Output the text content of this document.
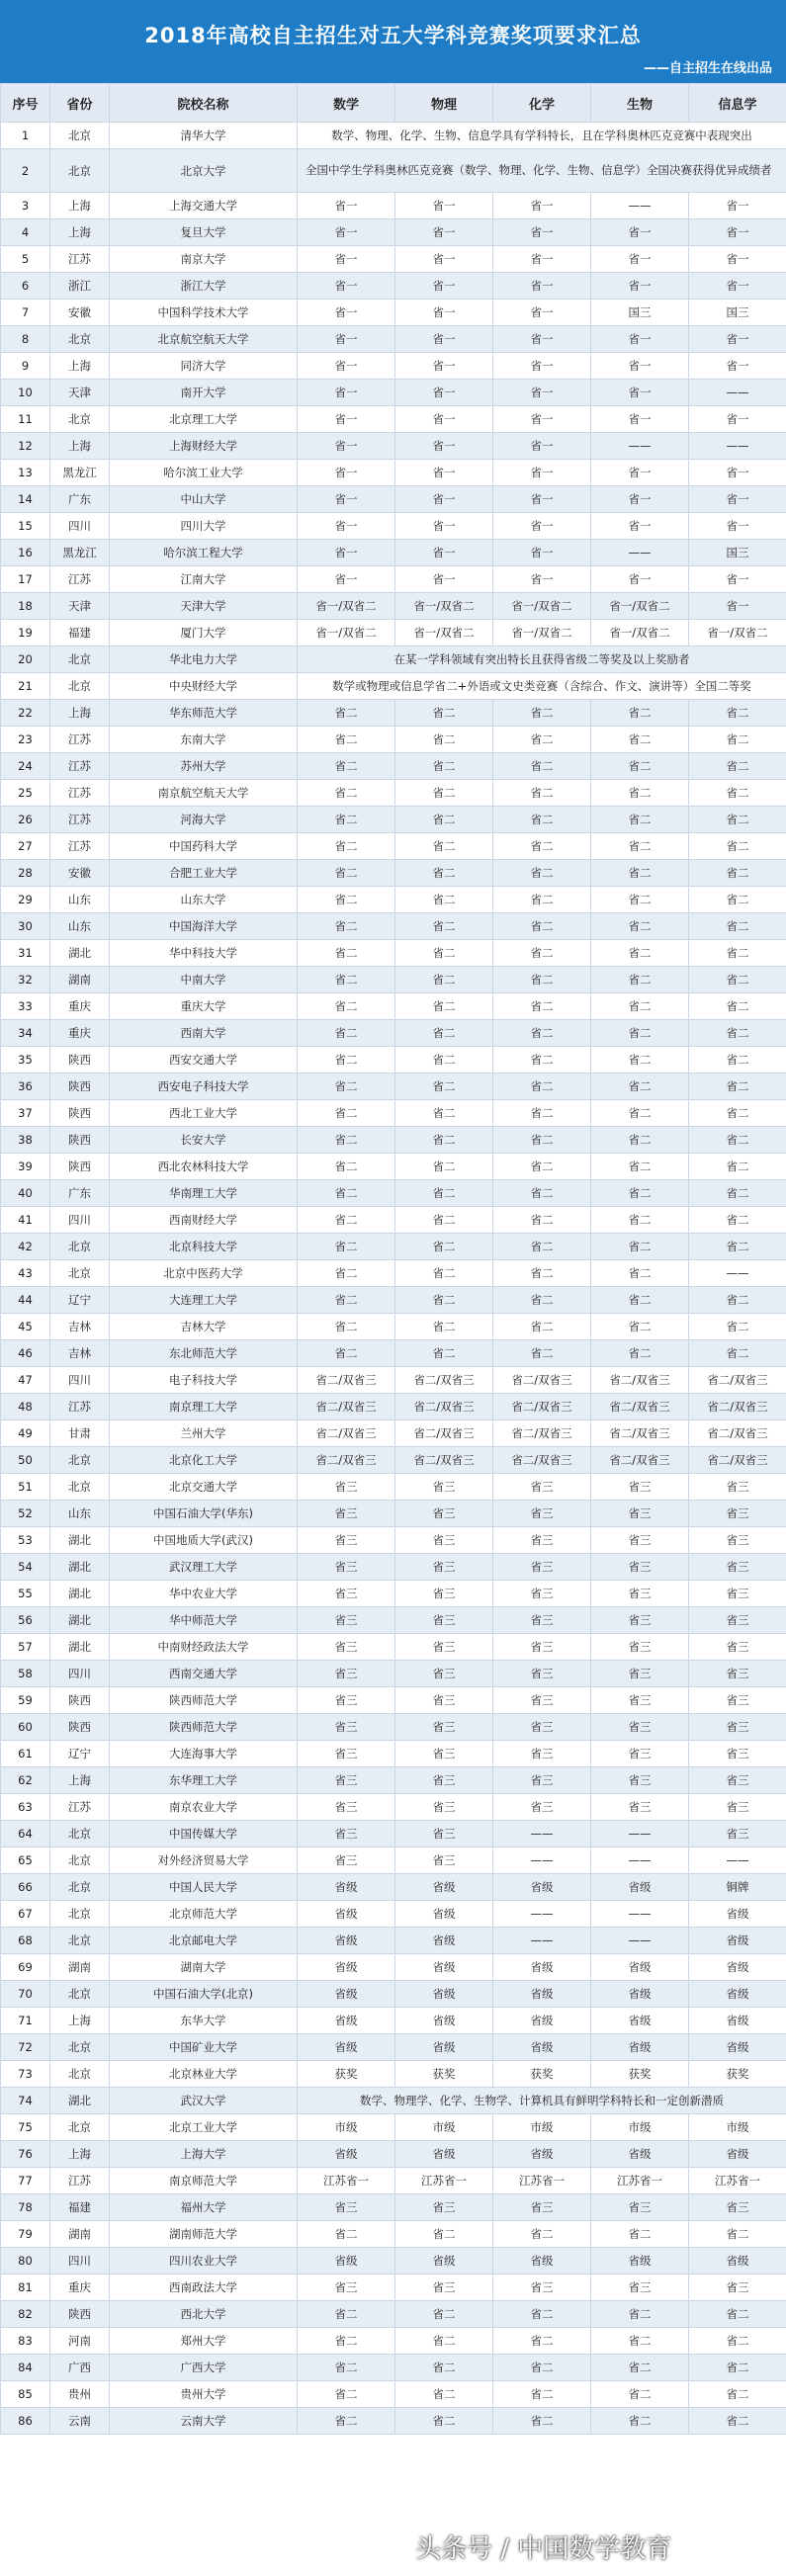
2018年高校自主招生对五大学科竞赛奖项要求汇总
——自主招生在线出品
序号	省份	院校名称	数学	物理	化学	生物	信息学
1	北京	清华大学	数学、物理、化学、生物、信息学具有学科特长，且在学科奥林匹克竞赛中表现突出				
2	北京	北京大学	全国中学生学科奥林匹克竞赛（数学、物理、化学、生物、信息学）全国决赛获得优异成绩者				
3	上海	上海交通大学	省一	省一	省一	——	省一
4	上海	复旦大学	省一	省一	省一	省一	省一
5	江苏	南京大学	省一	省一	省一	省一	省一
6	浙江	浙江大学	省一	省一	省一	省一	省一
7	安徽	中国科学技术大学	省一	省一	省一	国三	国三
8	北京	北京航空航天大学	省一	省一	省一	省一	省一
9	上海	同济大学	省一	省一	省一	省一	省一
10	天津	南开大学	省一	省一	省一	省一	——
11	北京	北京理工大学	省一	省一	省一	省一	省一
12	上海	上海财经大学	省一	省一	省一	——	——
13	黑龙江	哈尔滨工业大学	省一	省一	省一	省一	省一
14	广东	中山大学	省一	省一	省一	省一	省一
15	四川	四川大学	省一	省一	省一	省一	省一
16	黑龙江	哈尔滨工程大学	省一	省一	省一	——	国三
17	江苏	江南大学	省一	省一	省一	省一	省一
18	天津	天津大学	省一/双省二	省一/双省二	省一/双省二	省一/双省二	省一
19	福建	厦门大学	省一/双省二	省一/双省二	省一/双省二	省一/双省二	省一/双省二
20	北京	华北电力大学	在某一学科领域有突出特长且获得省级二等奖及以上奖励者				
21	北京	中央财经大学	数学或物理或信息学省二+外语或文史类竞赛（含综合、作文、演讲等）全国二等奖				
22	上海	华东师范大学	省二	省二	省二	省二	省二
23	江苏	东南大学	省二	省二	省二	省二	省二
24	江苏	苏州大学	省二	省二	省二	省二	省二
25	江苏	南京航空航天大学	省二	省二	省二	省二	省二
26	江苏	河海大学	省二	省二	省二	省二	省二
27	江苏	中国药科大学	省二	省二	省二	省二	省二
28	安徽	合肥工业大学	省二	省二	省二	省二	省二
29	山东	山东大学	省二	省二	省二	省二	省二
30	山东	中国海洋大学	省二	省二	省二	省二	省二
31	湖北	华中科技大学	省二	省二	省二	省二	省二
32	湖南	中南大学	省二	省二	省二	省二	省二
33	重庆	重庆大学	省二	省二	省二	省二	省二
34	重庆	西南大学	省二	省二	省二	省二	省二
35	陕西	西安交通大学	省二	省二	省二	省二	省二
36	陕西	西安电子科技大学	省二	省二	省二	省二	省二
37	陕西	西北工业大学	省二	省二	省二	省二	省二
38	陕西	长安大学	省二	省二	省二	省二	省二
39	陕西	西北农林科技大学	省二	省二	省二	省二	省二
40	广东	华南理工大学	省二	省二	省二	省二	省二
41	四川	西南财经大学	省二	省二	省二	省二	省二
42	北京	北京科技大学	省二	省二	省二	省二	省二
43	北京	北京中医药大学	省二	省二	省二	省二	——
44	辽宁	大连理工大学	省二	省二	省二	省二	省二
45	吉林	吉林大学	省二	省二	省二	省二	省二
46	吉林	东北师范大学	省二	省二	省二	省二	省二
47	四川	电子科技大学	省二/双省三	省二/双省三	省二/双省三	省二/双省三	省二/双省三
48	江苏	南京理工大学	省二/双省三	省二/双省三	省二/双省三	省二/双省三	省二/双省三
49	甘肃	兰州大学	省二/双省三	省二/双省三	省二/双省三	省二/双省三	省二/双省三
50	北京	北京化工大学	省二/双省三	省二/双省三	省二/双省三	省二/双省三	省二/双省三
51	北京	北京交通大学	省三	省三	省三	省三	省三
52	山东	中国石油大学(华东)	省三	省三	省三	省三	省三
53	湖北	中国地质大学(武汉)	省三	省三	省三	省三	省三
54	湖北	武汉理工大学	省三	省三	省三	省三	省三
55	湖北	华中农业大学	省三	省三	省三	省三	省三
56	湖北	华中师范大学	省三	省三	省三	省三	省三
57	湖北	中南财经政法大学	省三	省三	省三	省三	省三
58	四川	西南交通大学	省三	省三	省三	省三	省三
59	陕西	陕西师范大学	省三	省三	省三	省三	省三
60	陕西	陕西师范大学	省三	省三	省三	省三	省三
61	辽宁	大连海事大学	省三	省三	省三	省三	省三
62	上海	东华理工大学	省三	省三	省三	省三	省三
63	江苏	南京农业大学	省三	省三	省三	省三	省三
64	北京	中国传媒大学	省三	省三	——	——	省三
65	北京	对外经济贸易大学	省三	省三	——	——	——
66	北京	中国人民大学	省级	省级	省级	省级	铜牌
67	北京	北京师范大学	省级	省级	——	——	省级
68	北京	北京邮电大学	省级	省级	——	——	省级
69	湖南	湖南大学	省级	省级	省级	省级	省级
70	北京	中国石油大学(北京)	省级	省级	省级	省级	省级
71	上海	东华大学	省级	省级	省级	省级	省级
72	北京	中国矿业大学	省级	省级	省级	省级	省级
73	北京	北京林业大学	获奖	获奖	获奖	获奖	获奖
74	湖北	武汉大学	数学、物理学、化学、生物学、计算机具有鲜明学科特长和一定创新潜质				
75	北京	北京工业大学	市级	市级	市级	市级	市级
76	上海	上海大学	省级	省级	省级	省级	省级
77	江苏	南京师范大学	江苏省一	江苏省一	江苏省一	江苏省一	江苏省一
78	福建	福州大学	省三	省三	省三	省三	省三
79	湖南	湖南师范大学	省二	省二	省二	省二	省二
80	四川	四川农业大学	省级	省级	省级	省级	省级
81	重庆	西南政法大学	省三	省三	省三	省三	省三
82	陕西	西北大学	省二	省二	省二	省二	省二
83	河南	郑州大学	省二	省二	省二	省二	省二
84	广西	广西大学	省二	省二	省二	省二	省二
85	贵州	贵州大学	省二	省二	省二	省二	省二
86	云南	云南大学	省二	省二	省二	省二	省二
头条号 / 中国数学教育
